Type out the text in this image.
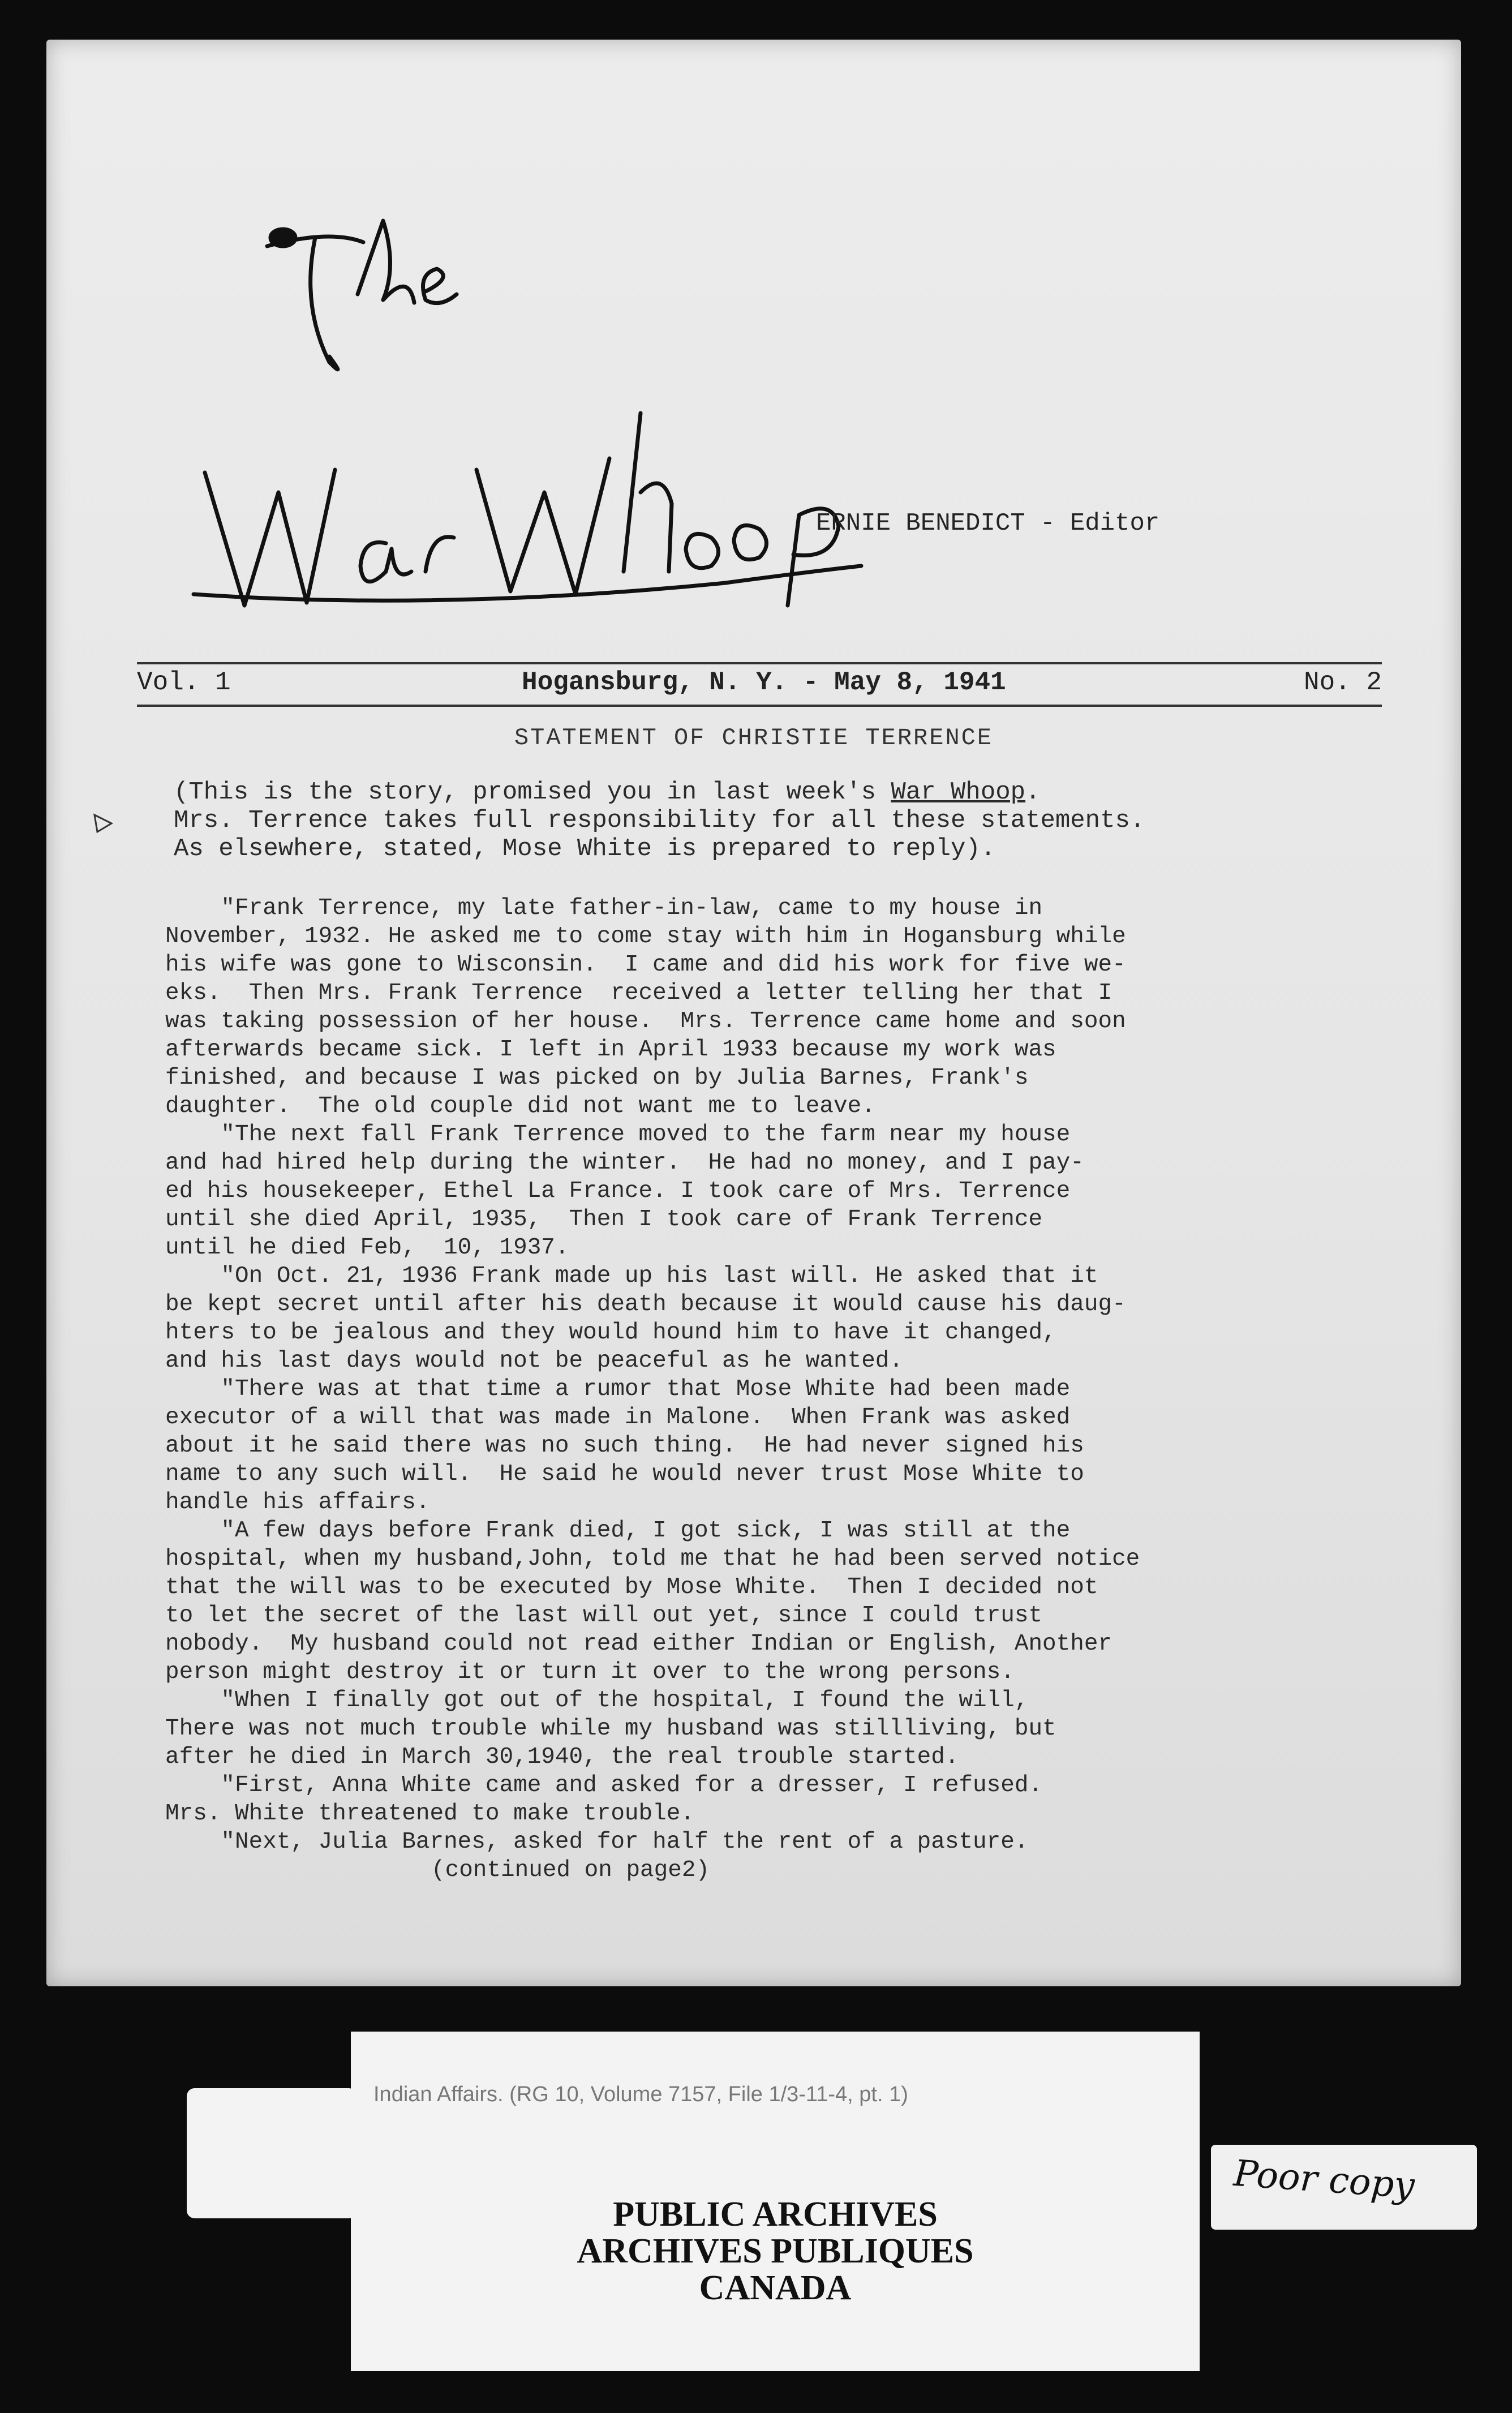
ERNIE BENEDICT - Editor
Vol. 1	Hogansburg, N. Y. - May 8, 1941	No. 2
STATEMENT OF CHRISTIE TERRENCE
(This is the story, promised you in last week's War Whoop.
Mrs. Terrence takes full responsibility for all these statements.
As elsewhere, stated, Mose White is prepared to reply).
"Frank Terrence, my late father-in-law, came to my house in
November, 1932. He asked me to come stay with him in Hogansburg while
his wife was gone to Wisconsin.  I came and did his work for five we-
eks.  Then Mrs. Frank Terrence  received a letter telling her that I
was taking possession of her house.  Mrs. Terrence came home and soon
afterwards became sick. I left in April 1933 because my work was
finished, and because I was picked on by Julia Barnes, Frank's
daughter.  The old couple did not want me to leave.
"The next fall Frank Terrence moved to the farm near my house
and had hired help during the winter.  He had no money, and I pay-
ed his housekeeper, Ethel La France. I took care of Mrs. Terrence
until she died April, 1935,  Then I took care of Frank Terrence
until he died Feb,  10, 1937.
"On Oct. 21, 1936 Frank made up his last will. He asked that it
be kept secret until after his death because it would cause his daug-
hters to be jealous and they would hound him to have it changed,
and his last days would not be peaceful as he wanted.
"There was at that time a rumor that Mose White had been made
executor of a will that was made in Malone.  When Frank was asked
about it he said there was no such thing.  He had never signed his
name to any such will.  He said he would never trust Mose White to
handle his affairs.
"A few days before Frank died, I got sick, I was still at the
hospital, when my husband,John, told me that he had been served notice
that the will was to be executed by Mose White.  Then I decided not
to let the secret of the last will out yet, since I could trust
nobody.  My husband could not read either Indian or English, Another
person might destroy it or turn it over to the wrong persons.
"When I finally got out of the hospital, I found the will,
There was not much trouble while my husband was stillliving, but
after he died in March 30,1940, the real trouble started.
"First, Anna White came and asked for a dresser, I refused.
Mrs. White threatened to make trouble.
"Next, Julia Barnes, asked for half the rent of a pasture.
(continued on page2)
Indian Affairs. (RG 10, Volume 7157, File 1/3-11-4, pt. 1)
PUBLIC ARCHIVES
ARCHIVES PUBLIQUES
CANADA
Poor copy
